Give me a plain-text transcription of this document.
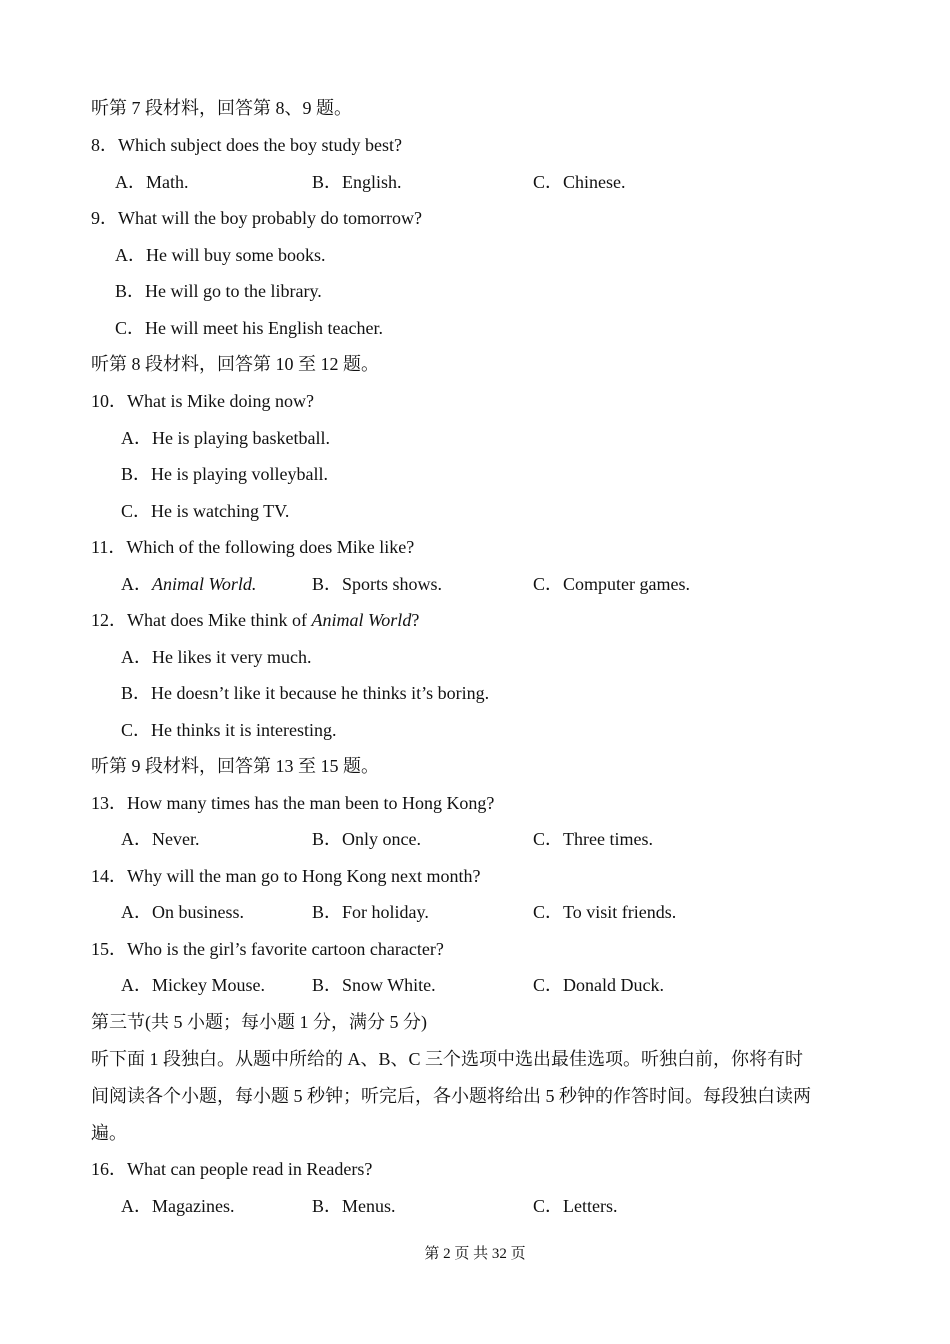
听第 7 段材料，回答第 8、9 题。
8．Which subject does the boy study best?
A．Math.	B．English.	C．Chinese.
9．What will the boy probably do tomorrow?
A．He will buy some books.
B．He will go to the library.
C．He will meet his English teacher.
听第 8 段材料，回答第 10 至 12 题。
10．What is Mike doing now?
A．He is playing basketball.
B．He is playing volleyball.
C．He is watching TV.
11．Which of the following does Mike like?
A．Animal World.	B．Sports shows.	C．Computer games.
12．What does Mike think of Animal World?
A．He likes it very much.
B．He doesn’t like it because he thinks it’s boring.
C．He thinks it is interesting.
听第 9 段材料，回答第 13 至 15 题。
13．How many times has the man been to Hong Kong?
A．Never.	B．Only once.	C．Three times.
14．Why will the man go to Hong Kong next month?
A．On business.	B．For holiday.	C．To visit friends.
15．Who is the girl’s favorite cartoon character?
A．Mickey Mouse.	B．Snow White.	C．Donald Duck.
第三节(共 5 小题；每小题 1 分，满分 5 分)
听下面 1 段独白。从题中所给的 A、B、C 三个选项中选出最佳选项。听独白前，你将有时
间阅读各个小题，每小题 5 秒钟；听完后，各小题将给出 5 秒钟的作答时间。每段独白读两
遍。
16．What can people read in Readers?
A．Magazines.	B．Menus.	C．Letters.
第 2 页 共 32 页
